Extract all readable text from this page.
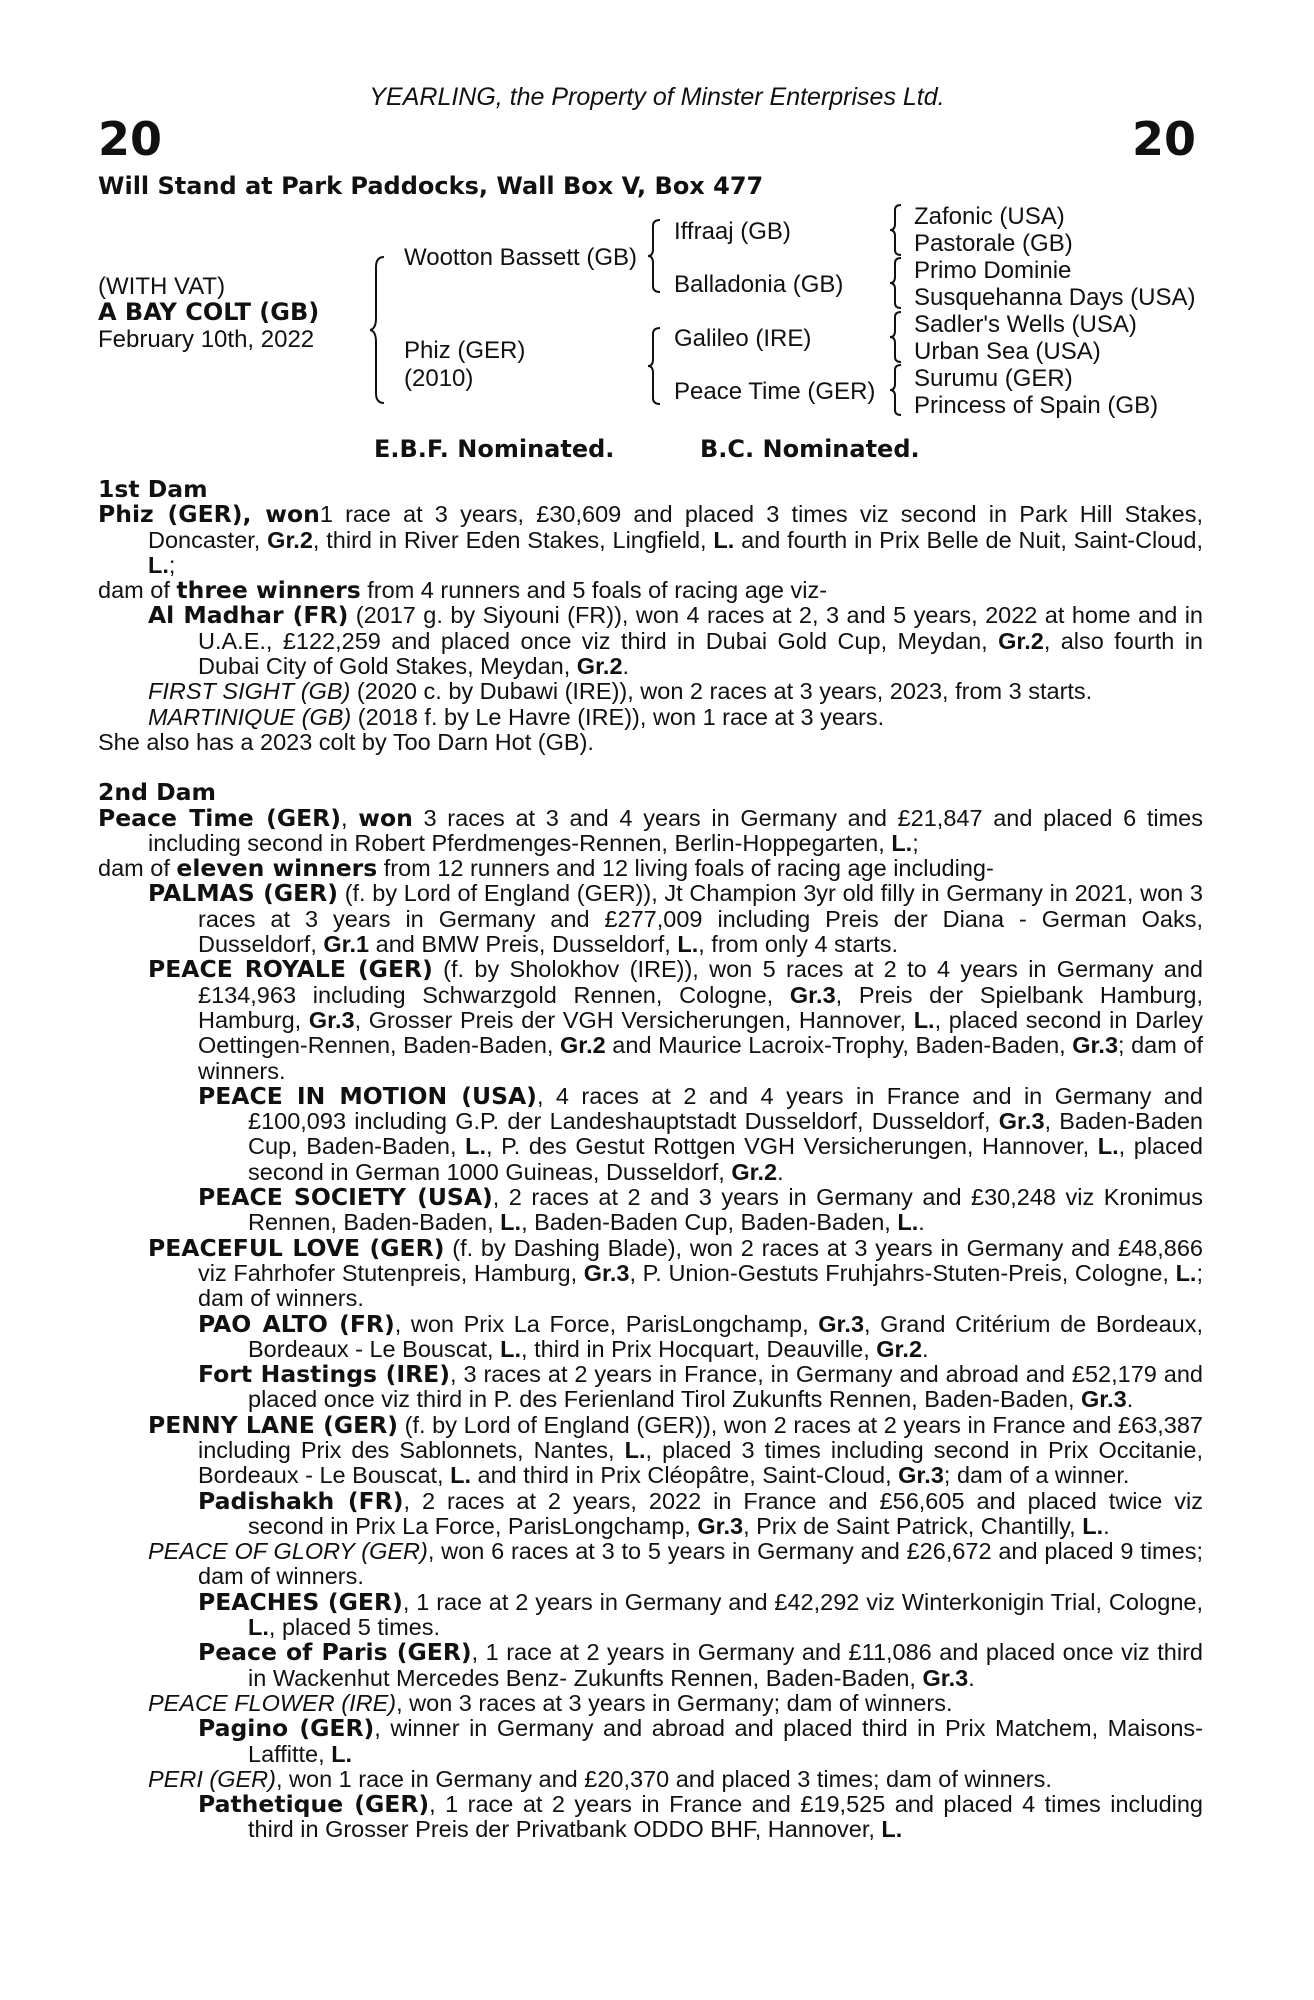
YEARLING, the Property of Minster Enterprises Ltd.
20	20
Will Stand at Park Paddocks, Wall Box V, Box 477
(WITH VAT)
A BAY COLT (GB)
February 10th, 2022
Wootton Bassett (GB)
Phiz (GER)
(2010)
Iffraaj (GB)
Balladonia (GB)
Galileo (IRE)
Peace Time (GER)
Zafonic (USA)
Pastorale (GB)
Primo Dominie
Susquehanna Days (USA)
Sadler's Wells (USA)
Urban Sea (USA)
Surumu (GER)
Princess of Spain (GB)
E.B.F. Nominated.	B.C. Nominated.
1st Dam
Phiz (GER), won1 race at 3 years, £30,609 and placed 3 times viz second in Park Hill Stakes, Doncaster, Gr.2, third in River Eden Stakes, Lingfield, L. and fourth in Prix Belle de Nuit, Saint-Cloud, L.;
dam of three winners from 4 runners and 5 foals of racing age viz-
Al Madhar (FR) (2017 g. by Siyouni (FR)), won 4 races at 2, 3 and 5 years, 2022 at home and in U.A.E., £122,259 and placed once viz third in Dubai Gold Cup, Meydan, Gr.2, also fourth in Dubai City of Gold Stakes, Meydan, Gr.2.
FIRST SIGHT (GB) (2020 c. by Dubawi (IRE)), won 2 races at 3 years, 2023, from 3 starts.
MARTINIQUE (GB) (2018 f. by Le Havre (IRE)), won 1 race at 3 years.
She also has a 2023 colt by Too Darn Hot (GB).
2nd Dam
Peace Time (GER), won 3 races at 3 and 4 years in Germany and £21,847 and placed 6 times including second in Robert Pferdmenges-Rennen, Berlin-Hoppegarten, L.;
dam of eleven winners from 12 runners and 12 living foals of racing age including-
PALMAS (GER) (f. by Lord of England (GER)), Jt Champion 3yr old filly in Germany in 2021, won 3 races at 3 years in Germany and £277,009 including Preis der Diana - German Oaks, Dusseldorf, Gr.1 and BMW Preis, Dusseldorf, L., from only 4 starts.
PEACE ROYALE (GER) (f. by Sholokhov (IRE)), won 5 races at 2 to 4 years in Germany and £134,963 including Schwarzgold Rennen, Cologne, Gr.3, Preis der Spielbank Hamburg, Hamburg, Gr.3, Grosser Preis der VGH Versicherungen, Hannover, L., placed second in Darley Oettingen-Rennen, Baden-Baden, Gr.2 and Maurice Lacroix-Trophy, Baden-Baden, Gr.3; dam of winners.
PEACE IN MOTION (USA), 4 races at 2 and 4 years in France and in Germany and £100,093 including G.P. der Landeshauptstadt Dusseldorf, Dusseldorf, Gr.3, Baden-Baden Cup, Baden-Baden, L., P. des Gestut Rottgen VGH Versicherungen, Hannover, L., placed second in German 1000 Guineas, Dusseldorf, Gr.2.
PEACE SOCIETY (USA), 2 races at 2 and 3 years in Germany and £30,248 viz Kronimus Rennen, Baden-Baden, L., Baden-Baden Cup, Baden-Baden, L..
PEACEFUL LOVE (GER) (f. by Dashing Blade), won 2 races at 3 years in Germany and £48,866 viz Fahrhofer Stutenpreis, Hamburg, Gr.3, P. Union-Gestuts Fruhjahrs-Stuten-Preis, Cologne, L.; dam of winners.
PAO ALTO (FR), won Prix La Force, ParisLongchamp, Gr.3, Grand Critérium de Bordeaux, Bordeaux - Le Bouscat, L., third in Prix Hocquart, Deauville, Gr.2.
Fort Hastings (IRE), 3 races at 2 years in France, in Germany and abroad and £52,179 and placed once viz third in P. des Ferienland Tirol Zukunfts Rennen, Baden-Baden, Gr.3.
PENNY LANE (GER) (f. by Lord of England (GER)), won 2 races at 2 years in France and £63,387 including Prix des Sablonnets, Nantes, L., placed 3 times including second in Prix Occitanie, Bordeaux - Le Bouscat, L. and third in Prix Cléopâtre, Saint-Cloud, Gr.3; dam of a winner.
Padishakh (FR), 2 races at 2 years, 2022 in France and £56,605 and placed twice viz second in Prix La Force, ParisLongchamp, Gr.3, Prix de Saint Patrick, Chantilly, L..
PEACE OF GLORY (GER), won 6 races at 3 to 5 years in Germany and £26,672 and placed 9 times; dam of winners.
PEACHES (GER), 1 race at 2 years in Germany and £42,292 viz Winterkonigin Trial, Cologne, L., placed 5 times.
Peace of Paris (GER), 1 race at 2 years in Germany and £11,086 and placed once viz third in Wackenhut Mercedes Benz- Zukunfts Rennen, Baden-Baden, Gr.3.
PEACE FLOWER (IRE), won 3 races at 3 years in Germany; dam of winners.
Pagino (GER), winner in Germany and abroad and placed third in Prix Matchem, Maisons-Laffitte, L.
PERI (GER), won 1 race in Germany and £20,370 and placed 3 times; dam of winners.
Pathetique (GER), 1 race at 2 years in France and £19,525 and placed 4 times including third in Grosser Preis der Privatbank ODDO BHF, Hannover, L.
